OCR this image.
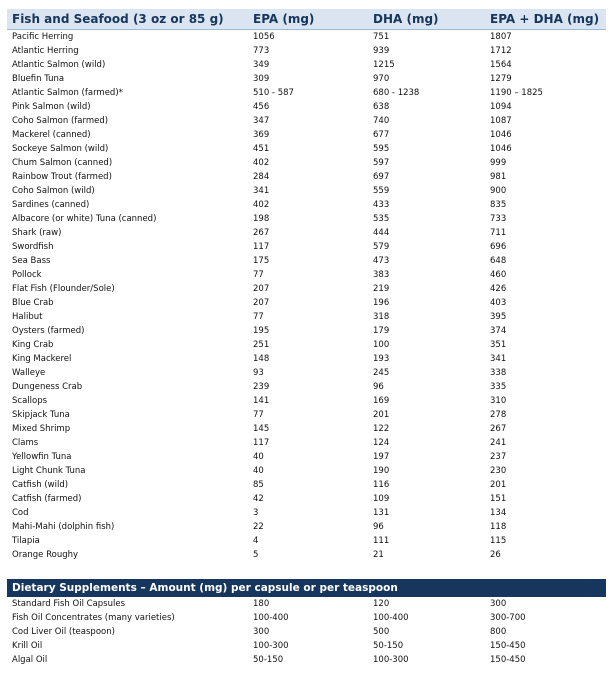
Fish and Seafood (3 oz or 85 g)	EPA (mg)	DHA (mg)	EPA + DHA (mg)
Pacific Herring	1056	751	1807
Atlantic Herring	773	939	1712
Atlantic Salmon (wild)	349	1215	1564
Bluefin Tuna	309	970	1279
Atlantic Salmon (farmed)*	510 - 587	680 - 1238	1190 – 1825
Pink Salmon (wild)	456	638	1094
Coho Salmon (farmed)	347	740	1087
Mackerel (canned)	369	677	1046
Sockeye Salmon (wild)	451	595	1046
Chum Salmon (canned)	402	597	999
Rainbow Trout (farmed)	284	697	981
Coho Salmon (wild)	341	559	900
Sardines (canned)	402	433	835
Albacore (or white) Tuna (canned)	198	535	733
Shark (raw)	267	444	711
Swordfish	117	579	696
Sea Bass	175	473	648
Pollock	77	383	460
Flat Fish (Flounder/Sole)	207	219	426
Blue Crab	207	196	403
Halibut	77	318	395
Oysters (farmed)	195	179	374
King Crab	251	100	351
King Mackerel	148	193	341
Walleye	93	245	338
Dungeness Crab	239	96	335
Scallops	141	169	310
Skipjack Tuna	77	201	278
Mixed Shrimp	145	122	267
Clams	117	124	241
Yellowfin Tuna	40	197	237
Light Chunk Tuna	40	190	230
Catfish (wild)	85	116	201
Catfish (farmed)	42	109	151
Cod	3	131	134
Mahi-Mahi (dolphin fish)	22	96	118
Tilapia	4	111	115
Orange Roughy	5	21	26
Dietary Supplements – Amount (mg) per capsule or per teaspoon			
Standard Fish Oil Capsules	180	120	300
Fish Oil Concentrates (many varieties)	100-400	100-400	300-700
Cod Liver Oil (teaspoon)	300	500	800
Krill Oil	100-300	50-150	150-450
Algal Oil	50-150	100-300	150-450
